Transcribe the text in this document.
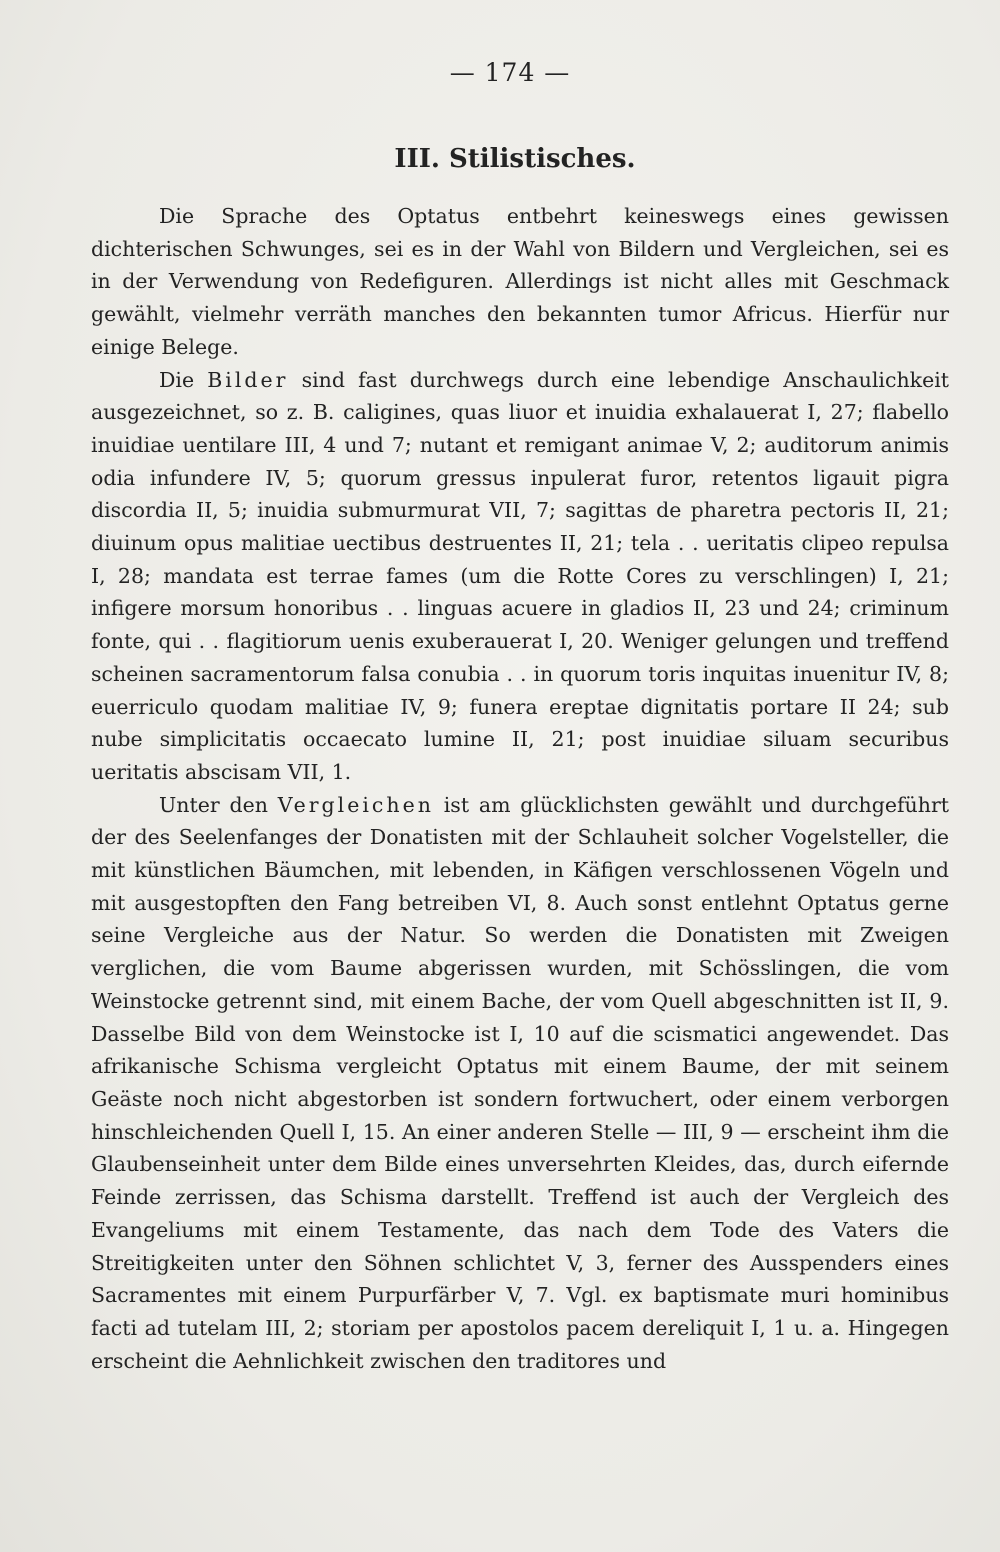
— 174 —
III. Stilistisches.

Die Sprache des Optatus entbehrt keineswegs eines gewissen dichterischen Schwunges, sei es in der Wahl von Bildern und Vergleichen, sei es in der Verwendung von Redefiguren. Allerdings ist nicht alles mit Geschmack gewählt, vielmehr verräth manches den bekannten tumor Africus. Hierfür nur einige Belege.

Die Bilder sind fast durchwegs durch eine lebendige Anschaulichkeit ausgezeichnet, so z. B. caligines, quas liuor et inuidia exhalauerat I, 27; flabello inuidiae uentilare III, 4 und 7; nutant et remigant animae V, 2; auditorum animis odia infundere IV, 5; quorum gressus inpulerat furor, retentos ligauit pigra discordia II, 5; inuidia submurmurat VII, 7; sagittas de pharetra pectoris II, 21; diuinum opus malitiae uectibus destruentes II, 21; tela . . ueritatis clipeo repulsa I, 28; mandata est terrae fames (um die Rotte Cores zu verschlingen) I, 21; infigere morsum honoribus . . linguas acuere in gladios II, 23 und 24; criminum fonte, qui . . flagitiorum uenis exuberauerat I, 20. Weniger gelungen und treffend scheinen sacramentorum falsa conubia . . in quorum toris inquitas inuenitur IV, 8; euerriculo quodam malitiae IV, 9; funera ereptae dignitatis portare II 24; sub nube simplicitatis occaecato lumine II, 21; post inuidiae siluam securibus ueritatis abscisam VII, 1.

Unter den Vergleichen ist am glücklichsten gewählt und durchgeführt der des Seelenfanges der Donatisten mit der Schlauheit solcher Vogelsteller, die mit künstlichen Bäumchen, mit lebenden, in Käfigen verschlossenen Vögeln und mit ausgestopften den Fang betreiben VI, 8. Auch sonst entlehnt Optatus gerne seine Vergleiche aus der Natur. So werden die Donatisten mit Zweigen verglichen, die vom Baume abgerissen wurden, mit Schösslingen, die vom Weinstocke getrennt sind, mit einem Bache, der vom Quell abgeschnitten ist II, 9. Dasselbe Bild von dem Weinstocke ist I, 10 auf die scismatici angewendet. Das afrikanische Schisma vergleicht Optatus mit einem Baume, der mit seinem Geäste noch nicht abgestorben ist sondern fortwuchert, oder einem verborgen hinschleichenden Quell I, 15. An einer anderen Stelle — III, 9 — erscheint ihm die Glaubenseinheit unter dem Bilde eines unversehrten Kleides, das, durch eifernde Feinde zerrissen, das Schisma darstellt. Treffend ist auch der Vergleich des Evangeliums mit einem Testamente, das nach dem Tode des Vaters die Streitigkeiten unter den Söhnen schlichtet V, 3, ferner des Ausspenders eines Sacramentes mit einem Purpurfärber V, 7. Vgl. ex baptismate muri hominibus facti ad tutelam III, 2; storiam per apostolos pacem dereliquit I, 1 u. a. Hingegen erscheint die Aehnlichkeit zwischen den traditores und
